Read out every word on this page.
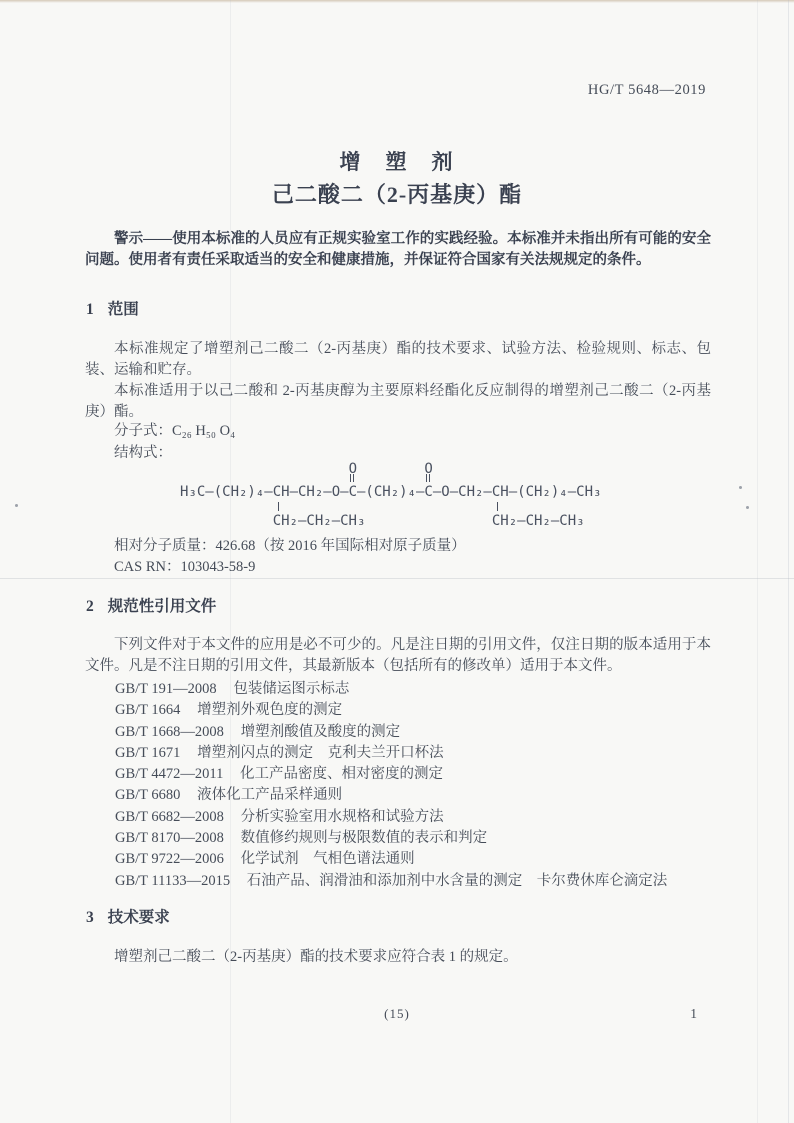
HG/T 5648—2019
增　塑　剂
己二酸二（2-丙基庚）酯
警示——使用本标准的人员应有正规实验室工作的实践经验。本标准并未指出所有可能的安全问题。使用者有责任采取适当的安全和健康措施，并保证符合国家有关法规规定的条件。
1 范围
本标准规定了增塑剂己二酸二（2-丙基庚）酯的技术要求、试验方法、检验规则、标志、包装、运输和贮存。
本标准适用于以己二酸和 2-丙基庚醇为主要原料经酯化反应制得的增塑剂己二酸二（2-丙基庚）酯。
分子式：C₂₆ H₅₀ O₄
结构式：
O	O
H₃C—(CH₂)₄—CH—CH₂—O—C—(CH₂)₄—C—O—CH₂—CH—(CH₂)₄—CH₃
CH₂—CH₂—CH₃	CH₂—CH₂—CH₃
相对分子质量：426.68（按 2016 年国际相对原子质量）
CAS RN：103043-58-9
2 规范性引用文件
下列文件对于本文件的应用是必不可少的。凡是注日期的引用文件，仅注日期的版本适用于本文件。凡是不注日期的引用文件，其最新版本（包括所有的修改单）适用于本文件。
GB/T 191—2008 包装储运图示标志
GB/T 1664 增塑剂外观色度的测定
GB/T 1668—2008 增塑剂酸值及酸度的测定
GB/T 1671 增塑剂闪点的测定　克利夫兰开口杯法
GB/T 4472—2011 化工产品密度、相对密度的测定
GB/T 6680 液体化工产品采样通则
GB/T 6682—2008 分析实验室用水规格和试验方法
GB/T 8170—2008 数值修约规则与极限数值的表示和判定
GB/T 9722—2006 化学试剂　气相色谱法通则
GB/T 11133—2015 石油产品、润滑油和添加剂中水含量的测定　卡尔费休库仑滴定法
3 技术要求
增塑剂己二酸二（2-丙基庚）酯的技术要求应符合表 1 的规定。
(15)	1
